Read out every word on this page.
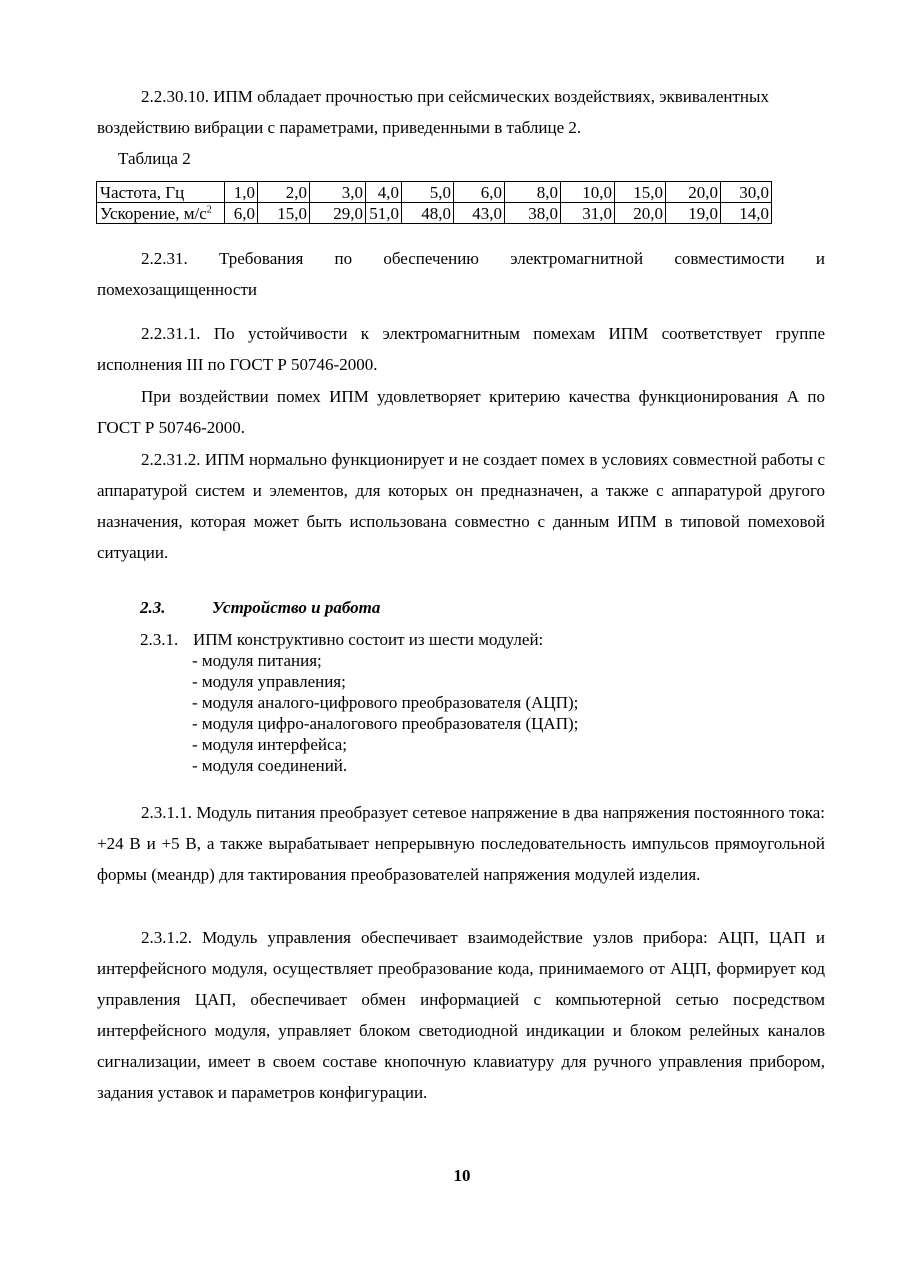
2.2.30.10. ИПМ обладает прочностью при сейсмических воздействиях, эквивалентных
воздействию вибрации с параметрами, приведенными в таблице 2.
Таблица 2
Частота, Гц	1,0	2,0	3,0	4,0	5,0	6,0	8,0	10,0	15,0	20,0	30,0
Ускорение, $м/с^2$	6,0	15,0	29,0	51,0	48,0	43,0	38,0	31,0	20,0	19,0	14,0
2.2.31. Требования по обеспечению электромагнитной совместимости и помехозащищенности
2.2.31.1. По устойчивости к электромагнитным помехам ИПМ соответствует группе исполнения III по ГОСТ Р 50746-2000.
При воздействии помех ИПМ удовлетворяет критерию качества функционирования А по ГОСТ Р 50746-2000.
2.2.31.2. ИПМ нормально функционирует и не создает помех в условиях совместной работы с аппаратурой систем и элементов, для которых он предназначен, а также с аппаратурой другого назначения, которая может быть использована совместно с данным ИПМ в типовой помеховой ситуации.
2.3.	Устройство и работа
2.3.1. ИПМ конструктивно состоит из шести модулей:
- модуля питания;
- модуля управления;
- модуля аналого-цифрового преобразователя (АЦП);
- модуля цифро-аналогового преобразователя (ЦАП);
- модуля интерфейса;
- модуля соединений.
2.3.1.1. Модуль питания преобразует сетевое напряжение в два напряжения постоянного тока: +24 В и +5 В, а также вырабатывает непрерывную последовательность импульсов прямоугольной формы (меандр) для тактирования преобразователей напряжения модулей изделия.
2.3.1.2. Модуль управления обеспечивает взаимодействие узлов прибора: АЦП, ЦАП и интерфейсного модуля, осуществляет преобразование кода, принимаемого от АЦП, формирует код управления ЦАП, обеспечивает обмен информацией с компьютерной сетью посредством интерфейсного модуля, управляет блоком светодиодной индикации и блоком релейных каналов сигнализации, имеет в своем составе кнопочную клавиатуру для ручного управления прибором, задания уставок и параметров конфигурации.
10
